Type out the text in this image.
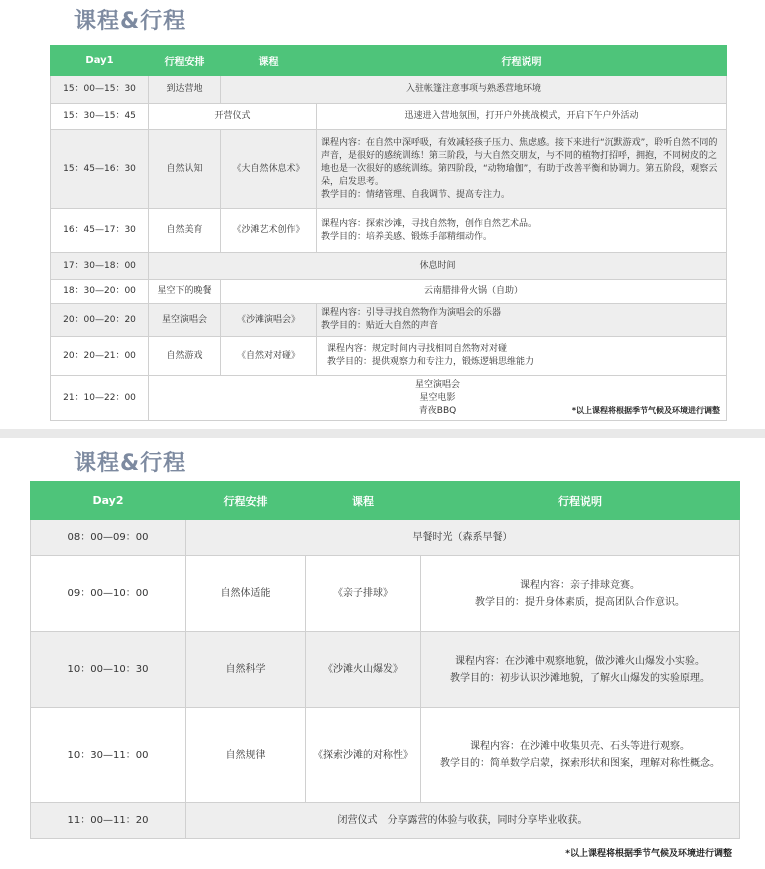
课程&行程
Day1	行程安排	课程	行程说明
15：00—15：30	到达营地	入驻帐篷注意事项与熟悉营地环境	
15：30—15：45	开营仪式		迅速进入营地氛围，打开户外挑战模式，开启下午户外活动
15：45—16：30	自然认知	《大自然休息术》	课程内容：在自然中深呼吸，有效减轻孩子压力、焦虑感。接下来进行“沉默游戏”，聆听自然不同的声音，是很好的感统训练！第三阶段，与大自然交朋友，与不同的植物打招呼，拥抱，不同树皮的之地也是一次很好的感统训练。第四阶段，“动物瑜伽”，有助于改善平衡和协调力。第五阶段，观察云朵，启发思考。
教学目的：情绪管理、自我调节、提高专注力。

16：45—17：30	自然美育	《沙滩艺术创作》	课程内容：探索沙滩，寻找自然物，创作自然艺术品。
教学目的：培养美感、锻炼手部精细动作。

17：30—18：00	休息时间		
18：30—20：00	星空下的晚餐	云南腊排骨火锅（自助）	
20：00—20：20	星空演唱会	《沙滩演唱会》	课程内容：引导寻找自然物作为演唱会的乐器
教学目的：贴近大自然的声音

20：20—21：00	自然游戏	《自然对对碰》	课程内容：规定时间内寻找相同自然物对对碰
教学目的：提供观察力和专注力，锻炼逻辑思维能力

21：10—22：00	星空演唱会
星空电影
青夜BBQ *以上课程将根据季节气候及环境进行调整		
课程&行程
Day2	行程安排	课程	行程说明
08：00—09：00	早餐时光（森系早餐）		
09：00—10：00	自然体适能	《亲子排球》	课程内容：亲子排球竞赛。
教学目的：提升身体素质，提高团队合作意识。

10：00—10：30	自然科学	《沙滩火山爆发》	课程内容：在沙滩中观察地貌，做沙滩火山爆发小实验。
教学目的：初步认识沙滩地貌，了解火山爆发的实验原理。

10：30—11：00	自然规律	《探索沙滩的对称性》	课程内容：在沙滩中收集贝壳、石头等进行观察。
教学目的：简单数学启蒙，探索形状和图案，理解对称性概念。

11：00—11：20	闭营仪式　分享露营的体验与收获，同时分享毕业收获。		
*以上课程将根据季节气候及环境进行调整
